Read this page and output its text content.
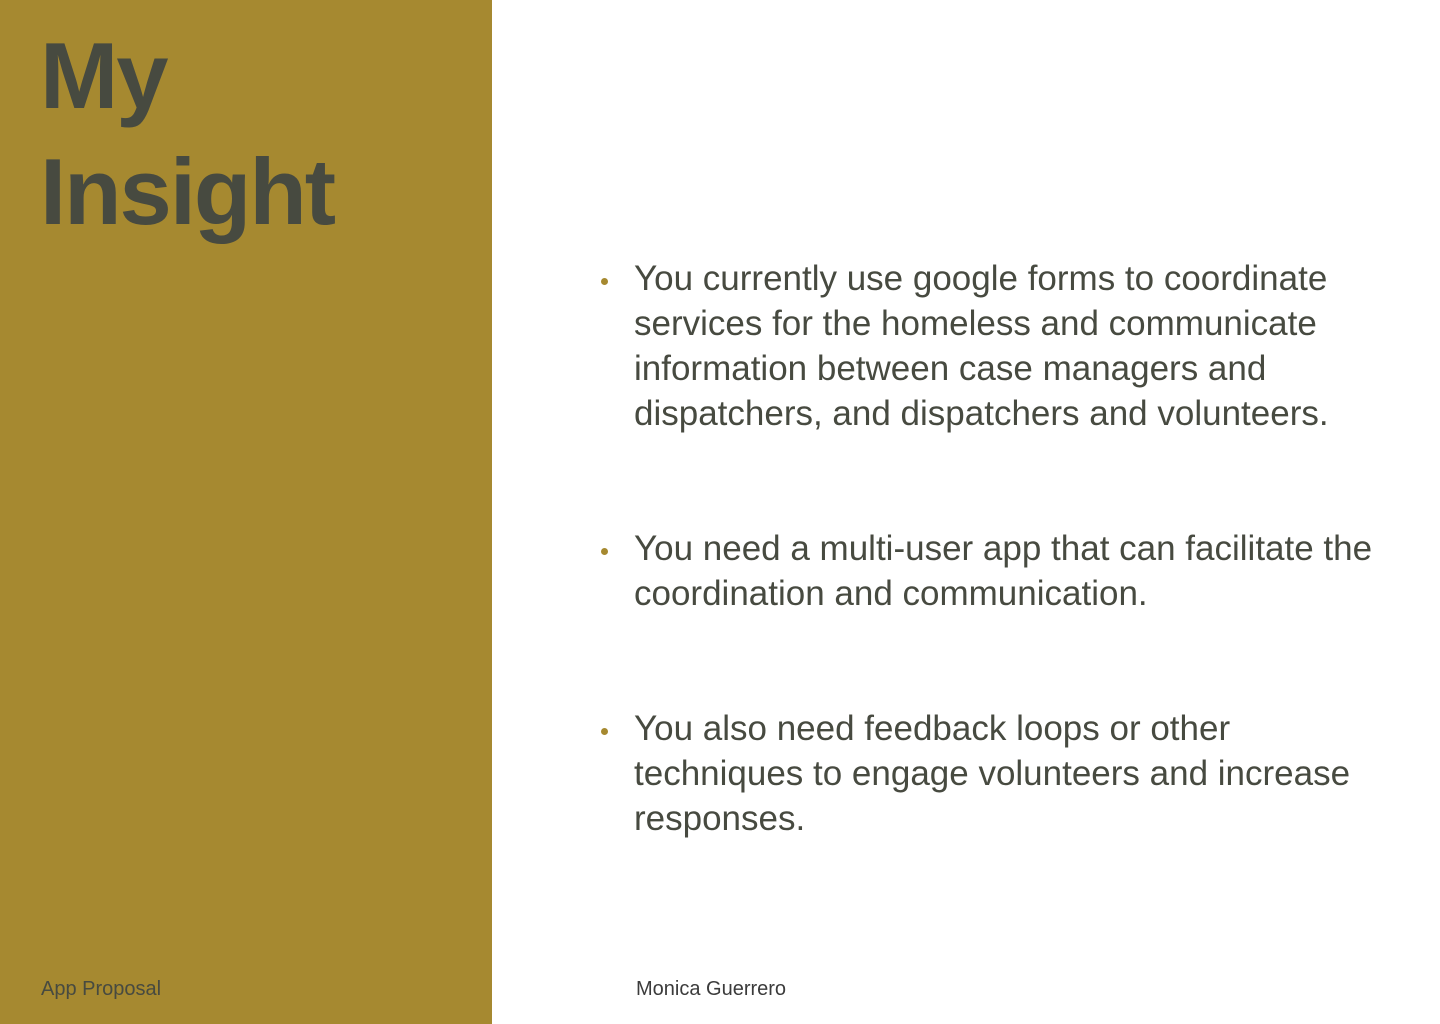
My
Insight
App Proposal
You currently use google forms to coordinate services for the homeless and communicate information between case managers and dispatchers, and dispatchers and volunteers.
You need a multi-user app that can facilitate the coordination and communication.
You also need feedback loops or other techniques to engage volunteers and increase responses.
Monica Guerrero
